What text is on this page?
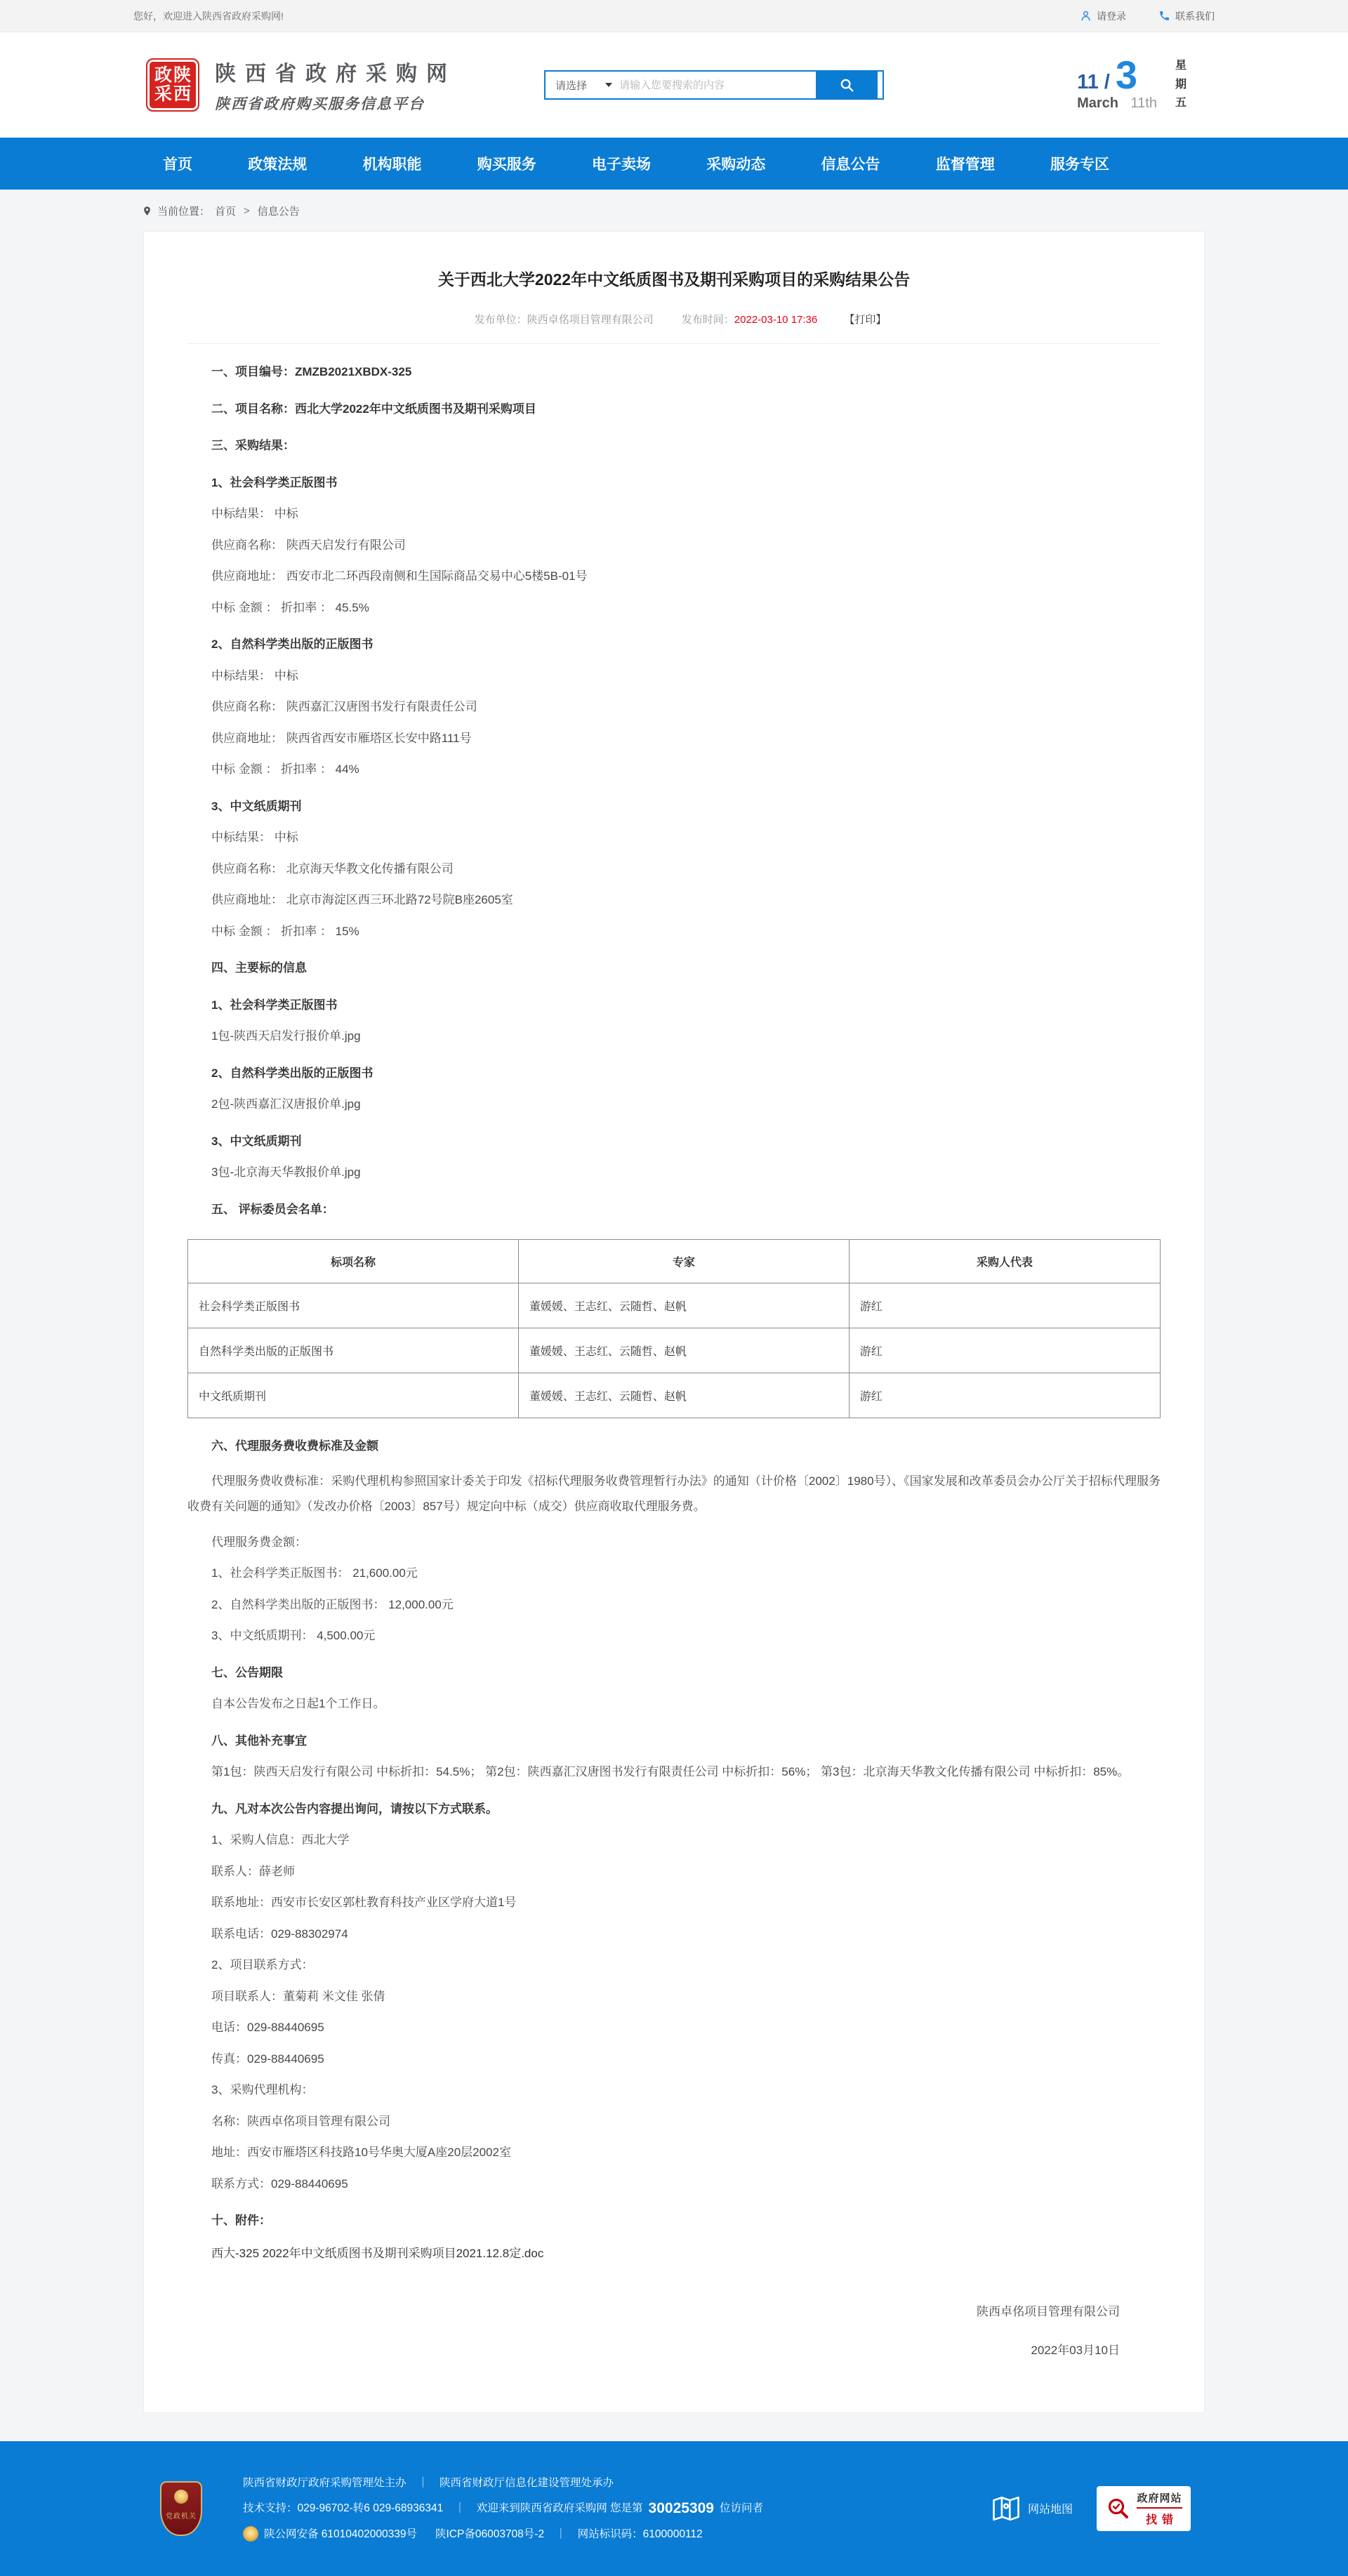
您好，欢迎进入陕西省政府采购网!	请登录	联系我们
政 陕
采 西
陕西省政府采购网
陕西省政府购买服务信息平台
请选择
请输入您要搜索的内容	11 / 3
March 11th
星
期
五
首页	政策法规	机构职能	购买服务	电子卖场	采购动态	信息公告	监督管理	服务专区
当前位置： 首页 > 信息公告
关于西北大学2022年中文纸质图书及期刊采购项目的采购结果公告
发布单位：陕西卓佲项目管理有限公司	发布时间：2022-03-10 17:36	【打印】

一、项目编号：ZMZB2021XBDX-325

二、项目名称：西北大学2022年中文纸质图书及期刊采购项目

三、采购结果：

1、社会科学类正版图书

中标结果： 中标

供应商名称： 陕西天启发行有限公司

供应商地址： 西安市北二环西段南侧和生国际商品交易中心5楼5B-01号

中标 金额 ： 折扣率 ： 45.5%

2、自然科学类出版的正版图书

中标结果： 中标

供应商名称： 陕西嘉汇汉唐图书发行有限责任公司

供应商地址： 陕西省西安市雁塔区长安中路111号

中标 金额 ： 折扣率 ： 44%

3、中文纸质期刊

中标结果： 中标

供应商名称： 北京海天华教文化传播有限公司

供应商地址： 北京市海淀区西三环北路72号院B座2605室

中标 金额 ： 折扣率 ： 15%

四、主要标的信息

1、社会科学类正版图书

1包-陕西天启发行报价单.jpg

2、自然科学类出版的正版图书

2包-陕西嘉汇汉唐报价单.jpg

3、中文纸质期刊

3包-北京海天华教报价单.jpg

五、 评标委员会名单：

标项名称	专家	采购人代表
社会科学类正版图书	董媛媛、王志红、云随哲、赵帆	游红
自然科学类出版的正版图书	董媛媛、王志红、云随哲、赵帆	游红
中文纸质期刊	董媛媛、王志红、云随哲、赵帆	游红

六、代理服务费收费标准及金额

代理服务费收费标准：采购代理机构参照国家计委关于印发《招标代理服务收费管理暂行办法》的通知（计价格〔2002〕1980号）、《国家发展和改革委员会办公厅关于招标代理服务收费有关问题的通知》（发改办价格〔2003〕857号）规定向中标（成交）供应商收取代理服务费。

代理服务费金额：

1、社会科学类正版图书： 21,600.00元

2、自然科学类出版的正版图书： 12,000.00元

3、中文纸质期刊： 4,500.00元

七、公告期限

自本公告发布之日起1个工作日。

八、其他补充事宜

第1包：陕西天启发行有限公司 中标折扣：54.5%； 第2包：陕西嘉汇汉唐图书发行有限责任公司 中标折扣：56%； 第3包：北京海天华教文化传播有限公司 中标折扣：85%。

九、凡对本次公告内容提出询问，请按以下方式联系。

1、采购人信息：西北大学

联系人：薛老师

联系地址：西安市长安区郭杜教育科技产业区学府大道1号

联系电话：029-88302974

2、项目联系方式：

项目联系人：董菊莉 米文佳 张倩

电话：029-88440695

传真：029-88440695

3、采购代理机构：

名称：陕西卓佲项目管理有限公司

地址：西安市雁塔区科技路10号华奥大厦A座20层2002室

联系方式：029-88440695

十、附件：

西大-325 2022年中文纸质图书及期刊采购项目2021.12.8定.doc

陕西卓佲项目管理有限公司

2022年03月10日

党政机关
陕西省财政厅政府采购管理处主办 ｜ 陕西省财政厅信息化建设管理处承办
技术支持：029-96702-转6 029-68936341 ｜ 欢迎来到陕西省政府采购网 您是第 30025309 位访问者
陕公网安备 61010402000339号 陕ICP备06003708号-2 ｜ 网站标识码：6100000112
网站地图
政府网站
找错
